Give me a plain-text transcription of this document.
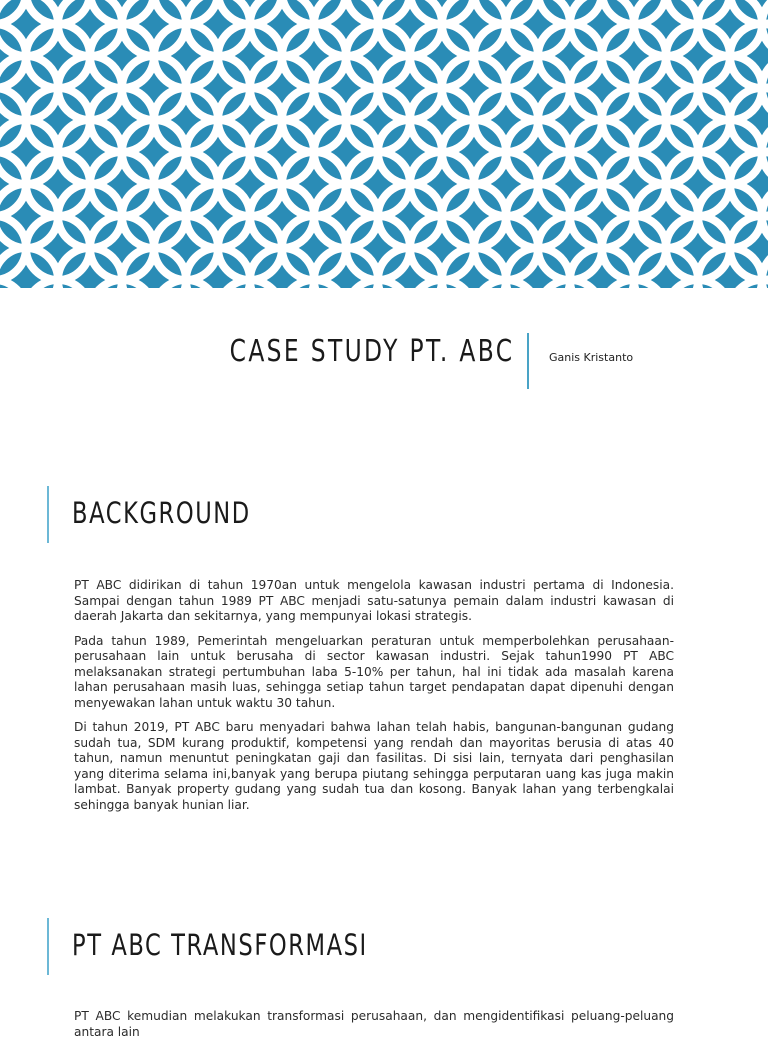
CASE STUDY PT. ABC	Ganis Kristanto
BACKGROUND

PT ABC didirikan di tahun 1970an untuk mengelola kawasan industri pertama di Indonesia. Sampai dengan tahun 1989 PT ABC menjadi satu-satunya pemain dalam industri kawasan di daerah Jakarta dan sekitarnya, yang mempunyai lokasi strategis.

Pada tahun 1989, Pemerintah mengeluarkan peraturan untuk memperbolehkan perusahaan-perusahaan lain untuk berusaha di sector kawasan industri. Sejak tahun1990 PT ABC melaksanakan strategi pertumbuhan laba 5-10% per tahun, hal ini tidak ada masalah karena lahan perusahaan masih luas, sehingga setiap tahun target pendapatan dapat dipenuhi dengan menyewakan lahan untuk waktu 30 tahun.

Di tahun 2019, PT ABC baru menyadari bahwa lahan telah habis, bangunan-bangunan gudang sudah tua, SDM kurang produktif, kompetensi yang rendah dan mayoritas berusia di atas 40 tahun, namun menuntut peningkatan gaji dan fasilitas. Di sisi lain, ternyata dari penghasilan yang diterima selama ini,banyak yang berupa piutang sehingga perputaran uang kas juga makin lambat. Banyak property gudang yang sudah tua dan kosong. Banyak lahan yang terbengkalai sehingga banyak hunian liar.

PT ABC TRANSFORMASI

PT ABC kemudian melakukan transformasi perusahaan, dan mengidentifikasi peluang-peluang antara lain
